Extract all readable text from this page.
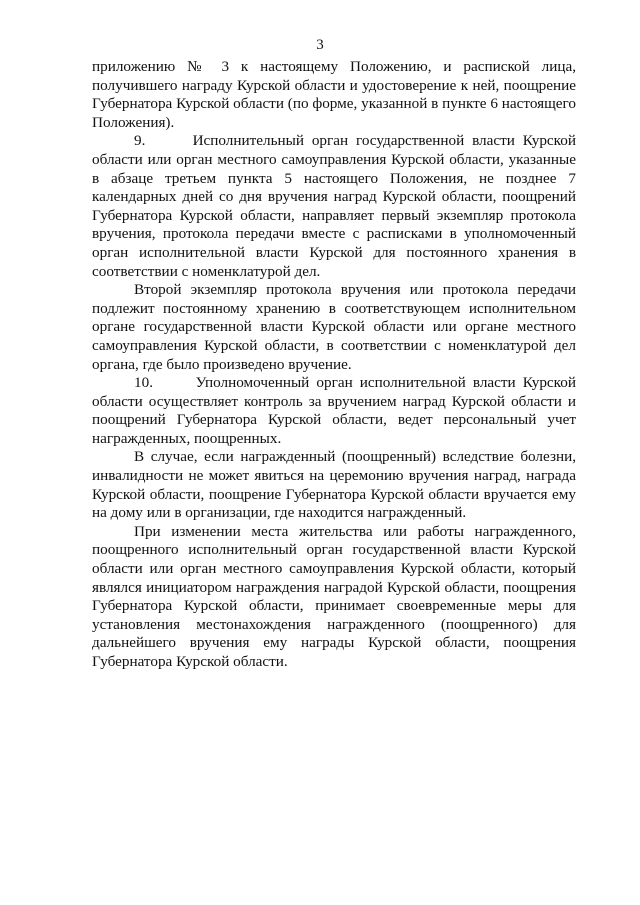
3

приложению № 3 к настоящему Положению, и распиской лица, получившего награду Курской области и удостоверение к ней, поощрение Губернатора Курской области (по форме, указанной в пункте 6 настоящего Положения).

9.      Исполнительный орган государственной власти Курской области или орган местного самоуправления Курской области, указанные в абзаце третьем пункта 5 настоящего Положения, не позднее 7 календарных дней со дня вручения наград Курской области, поощрений Губернатора Курской области, направляет первый экземпляр протокола вручения, протокола передачи вместе с расписками в уполномоченный орган исполнительной власти Курской для постоянного хранения в соответствии с номенклатурой дел.

Второй экземпляр протокола вручения или протокола передачи подлежит постоянному хранению в соответствующем исполнительном органе государственной власти Курской области или органе местного самоуправления Курской области, в соответствии с номенклатурой дел органа, где было произведено вручение.

10.      Уполномоченный орган исполнительной власти Курской области осуществляет контроль за вручением наград Курской области и поощрений Губернатора Курской области, ведет персональный учет награжденных, поощренных.

В случае, если награжденный (поощренный) вследствие болезни, инвалидности не может явиться на церемонию вручения наград, награда Курской области, поощрение Губернатора Курской области вручается ему на дому или в организации, где находится награжденный.

При изменении места жительства или работы награжденного, поощренного исполнительный орган государственной власти Курской области или орган местного самоуправления Курской области, который являлся инициатором награждения наградой Курской области, поощрения Губернатора Курской области, принимает своевременные меры для установления местонахождения награжденного (поощренного) для дальнейшего вручения ему награды Курской области, поощрения Губернатора Курской области.
